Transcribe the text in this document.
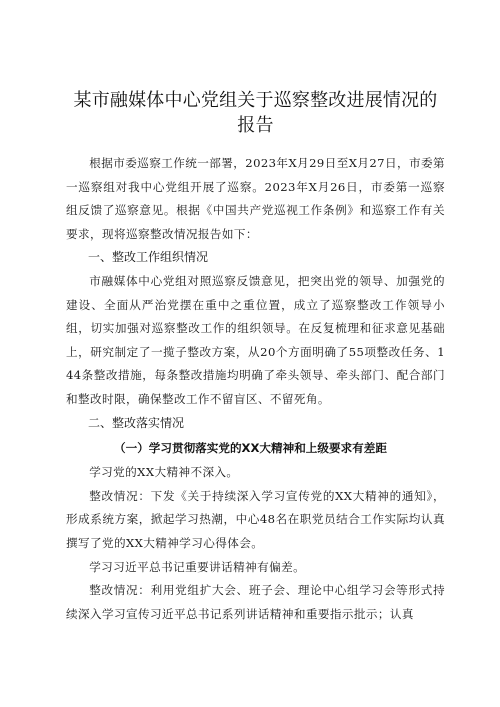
某市融媒体中心党组关于巡察整改进展情况的
报告

根据市委巡察工作统一部署，2023年X月29日至X月27日，市委第一巡察组对我中心党组开展了巡察。2023年X月26日，市委第一巡察组反馈了巡察意见。根据《中国共产党巡视工作条例》和巡察工作有关要求，现将巡察整改情况报告如下：

一、整改工作组织情况

市融媒体中心党组对照巡察反馈意见，把突出党的领导、加强党的建设、全面从严治党摆在重中之重位置，成立了巡察整改工作领导小组，切实加强对巡察整改工作的组织领导。在反复梳理和征求意见基础上，研究制定了一揽子整改方案，从20个方面明确了55项整改任务、144条整改措施，每条整改措施均明确了牵头领导、牵头部门、配合部门和整改时限，确保整改工作不留盲区、不留死角。

二、整改落实情况

（一）学习贯彻落实党的XX大精神和上级要求有差距

学习党的XX大精神不深入。

整改情况：下发《关于持续深入学习宣传党的XX大精神的通知》，形成系统方案，掀起学习热潮，中心48名在职党员结合工作实际均认真撰写了党的XX大精神学习心得体会。

学习习近平总书记重要讲话精神有偏差。

整改情况：利用党组扩大会、班子会、理论中心组学习会等形式持续深入学习宣传习近平总书记系列讲话精神和重要指示批示；认真
